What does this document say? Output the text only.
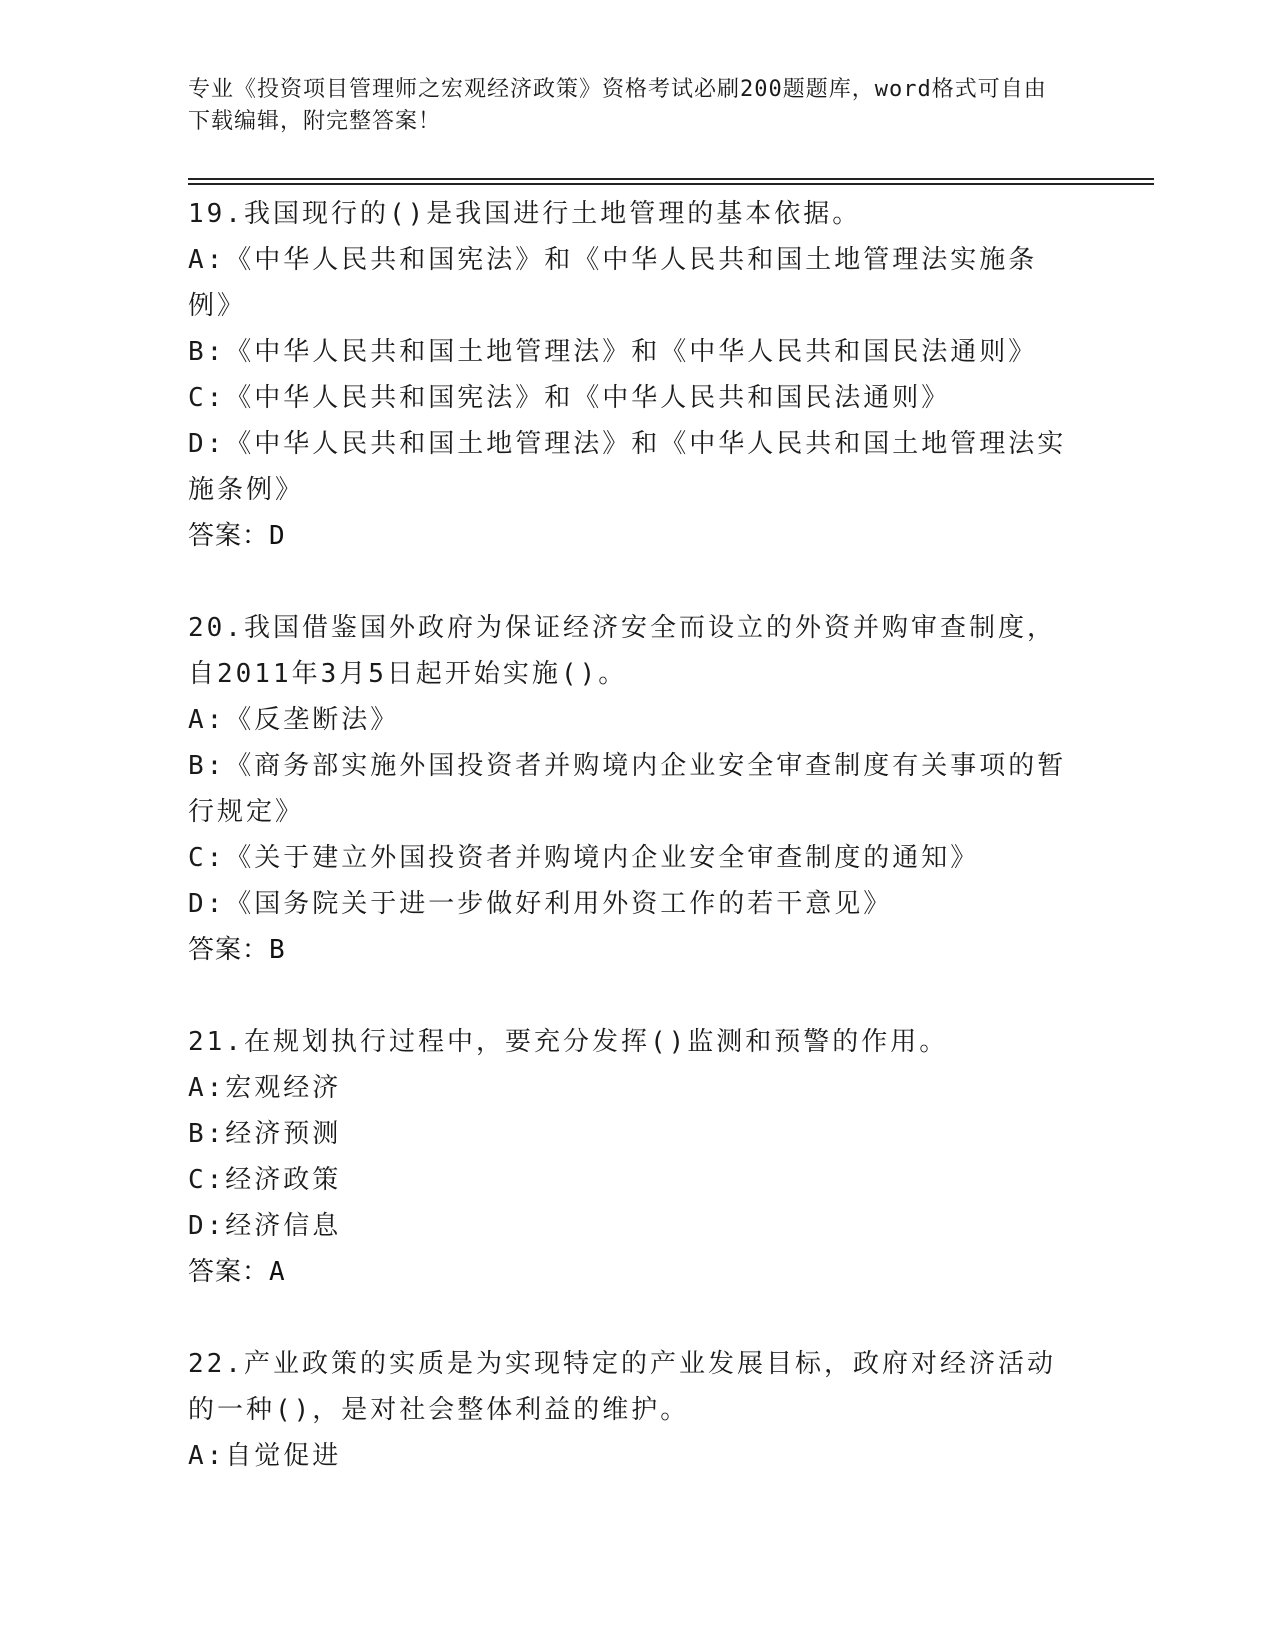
专业《投资项目管理师之宏观经济政策》资格考试必刷200题题库，word格式可自由下载编辑，附完整答案！

19.我国现行的()是我国进行土地管理的基本依据。

A:《中华人民共和国宪法》和《中华人民共和国土地管理法实施条例》

B:《中华人民共和国土地管理法》和《中华人民共和国民法通则》

C:《中华人民共和国宪法》和《中华人民共和国民法通则》

D:《中华人民共和国土地管理法》和《中华人民共和国土地管理法实施条例》

答案：D

20.我国借鉴国外政府为保证经济安全而设立的外资并购审查制度，自2011年3月5日起开始实施()。

A:《反垄断法》

B:《商务部实施外国投资者并购境内企业安全审查制度有关事项的暂行规定》

C:《关于建立外国投资者并购境内企业安全审查制度的通知》

D:《国务院关于进一步做好利用外资工作的若干意见》

答案：B

21.在规划执行过程中，要充分发挥()监测和预警的作用。

A:宏观经济

B:经济预测

C:经济政策

D:经济信息

答案：A

22.产业政策的实质是为实现特定的产业发展目标，政府对经济活动的一种()，是对社会整体利益的维护。

A:自觉促进
